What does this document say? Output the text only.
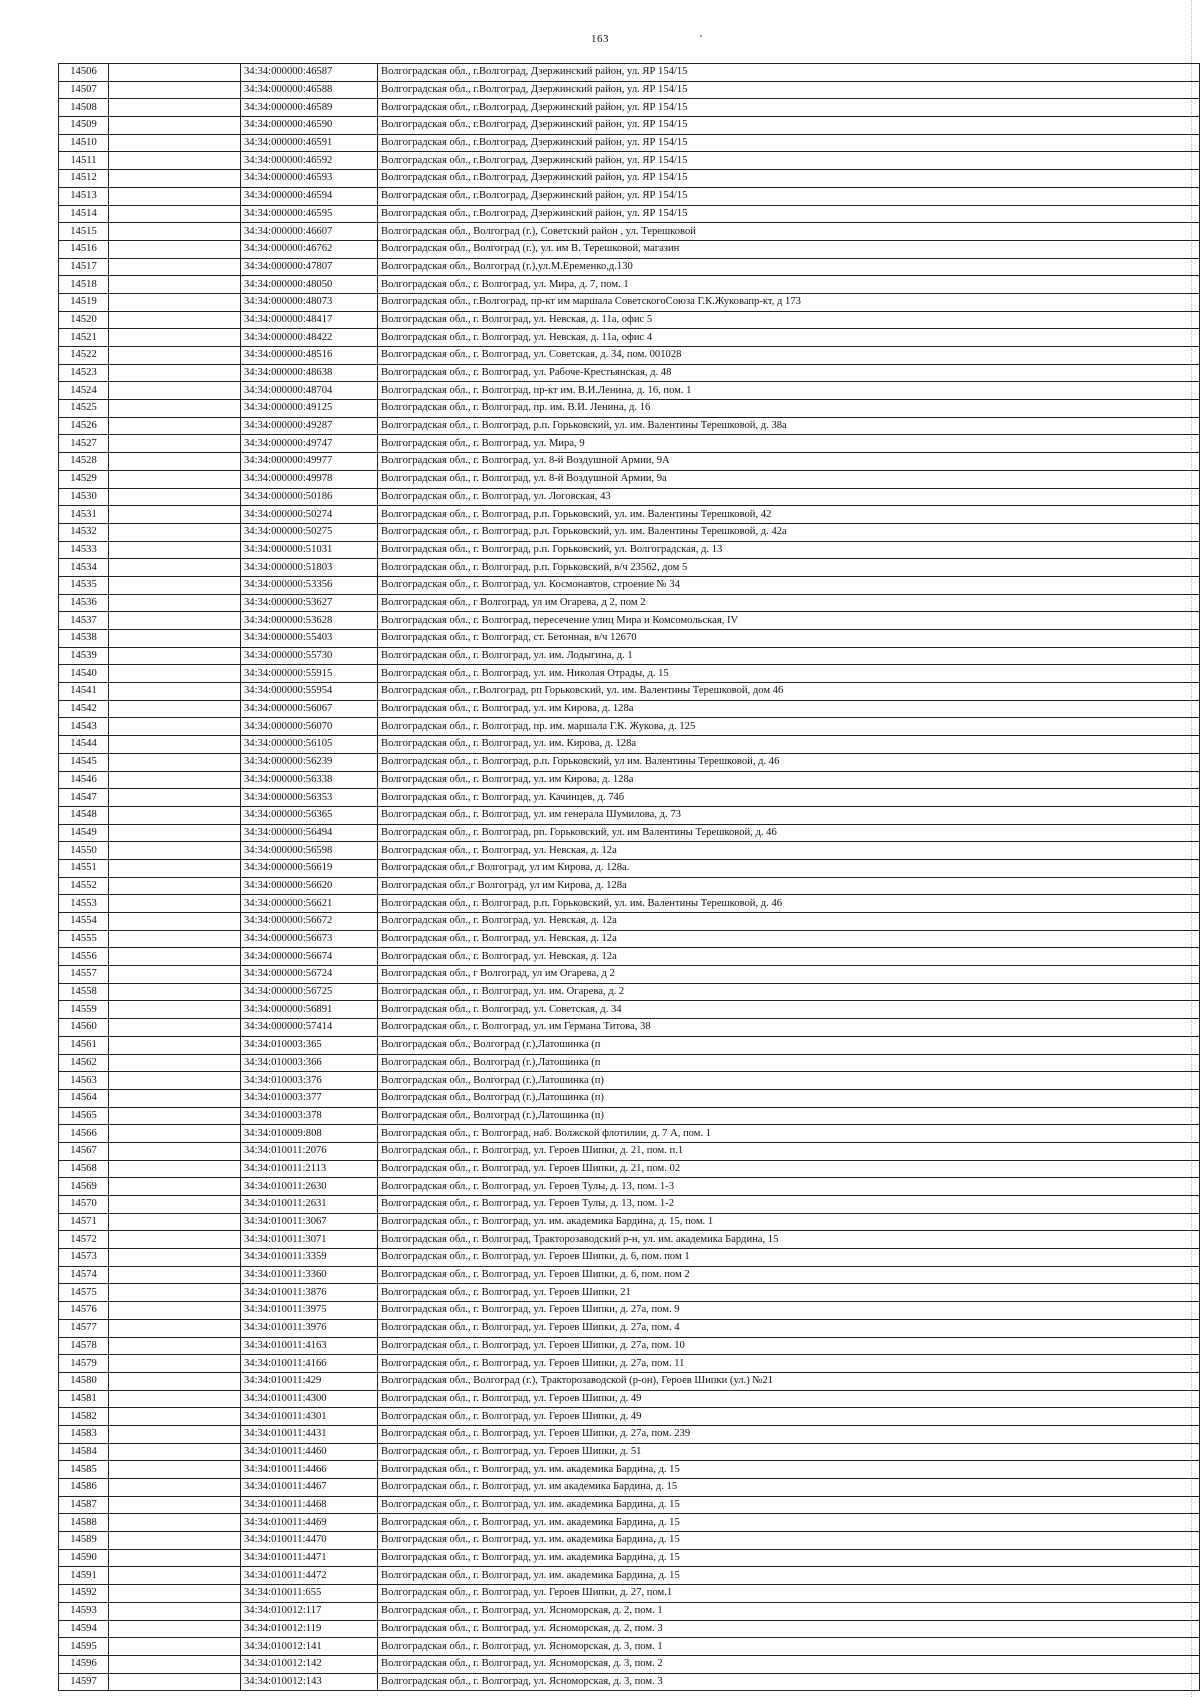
163
14506		34:34:000000:46587	Волгоградская обл., г.Волгоград, Дзержинский район, ул. ЯР 154/15
14507		34:34:000000:46588	Волгоградская обл., г.Волгоград, Дзержинский район, ул. ЯР 154/15
14508		34:34:000000:46589	Волгоградская обл., г.Волгоград, Дзержинский район, ул. ЯР 154/15
14509		34:34:000000:46590	Волгоградская обл., г.Волгоград, Дзержинский район, ул. ЯР 154/15
14510		34:34:000000:46591	Волгоградская обл., г.Волгоград, Дзержинский район, ул. ЯР 154/15
14511		34:34:000000:46592	Волгоградская обл., г.Волгоград, Дзержинский район, ул. ЯР 154/15
14512		34:34:000000:46593	Волгоградская обл., г.Волгоград, Дзержинский район, ул. ЯР 154/15
14513		34:34:000000:46594	Волгоградская обл., г.Волгоград, Дзержинский район, ул. ЯР 154/15
14514		34:34:000000:46595	Волгоградская обл., г.Волгоград, Дзержинский район, ул. ЯР 154/15
14515		34:34:000000:46607	Волгоградская обл., Волгоград (г.), Советский район , ул. Терешковой
14516		34:34:000000:46762	Волгоградская обл., Волгоград (г.), ул. им В. Терешковой, магазин
14517		34:34:000000:47807	Волгоградская обл., Волгоград (г.),ул.М.Еременко,д.130
14518		34:34:000000:48050	Волгоградская обл., г. Волгоград, ул. Мира, д. 7, пом. 1
14519		34:34:000000:48073	Волгоградская обл., г.Волгоград, пр-кт им маршала СоветскогоСоюза Г.К.Жуковапр-кт, д 173
14520		34:34:000000:48417	Волгоградская обл., г. Волгоград, ул. Невская, д. 11а, офис 5
14521		34:34:000000:48422	Волгоградская обл., г. Волгоград, ул. Невская, д. 11а, офис 4
14522		34:34:000000:48516	Волгоградская обл., г. Волгоград, ул. Советская, д. 34, пом. 001028
14523		34:34:000000:48638	Волгоградская обл., г. Волгоград, ул. Рабоче-Крестьянская, д. 48
14524		34:34:000000:48704	Волгоградская обл., г. Волгоград, пр-кт им. В.И.Ленина, д. 16, пом. 1
14525		34:34:000000:49125	Волгоградская обл., г. Волгоград, пр. им. В.И. Ленина, д. 16
14526		34:34:000000:49287	Волгоградская обл., г. Волгоград, р.п. Горьковский, ул. им. Валентины Терешковой, д. 38а
14527		34:34:000000:49747	Волгоградская обл., г. Волгоград, ул. Мира, 9
14528		34:34:000000:49977	Волгоградская обл., г. Волгоград, ул. 8-й Воздушной Армии, 9А
14529		34:34:000000:49978	Волгоградская обл., г. Волгоград, ул. 8-й Воздушной Армии, 9а
14530		34:34:000000:50186	Волгоградская обл., г. Волгоград, ул. Логовская, 43
14531		34:34:000000:50274	Волгоградская обл., г. Волгоград, р.п. Горьковский, ул. им. Валентины Терешковой, 42
14532		34:34:000000:50275	Волгоградская обл., г. Волгоград, р.п. Горьковский, ул. им. Валентины Терешковой, д. 42а
14533		34:34:000000:51031	Волгоградская обл., г. Волгоград, р.п. Горьковский, ул. Волгоградская, д. 13
14534		34:34:000000:51803	Волгоградская обл., г. Волгоград, р.п. Горьковский, в/ч 23562, дом 5
14535		34:34:000000:53356	Волгоградская обл., г. Волгоград, ул. Космонавтов, строение № 34
14536		34:34:000000:53627	Волгоградская обл., г Волгоград, ул им Огарева, д 2, пом 2
14537		34:34:000000:53628	Волгоградская обл., г. Волгоград, пересечение улиц Мира и Комсомольская, IV
14538		34:34:000000:55403	Волгоградская обл., г. Волгоград, ст. Бетонная, в/ч 12670
14539		34:34:000000:55730	Волгоградская обл., г. Волгоград, ул. им. Лодыгина, д. 1
14540		34:34:000000:55915	Волгоградская обл., г. Волгоград, ул. им. Николая Отрады, д. 15
14541		34:34:000000:55954	Волгоградская обл., г.Волгоград, рп Горьковский, ул. им. Валентины Терешковой, дом 46
14542		34:34:000000:56067	Волгоградская обл., г. Волгоград, ул. им Кирова, д. 128а
14543		34:34:000000:56070	Волгоградская обл., г. Волгоград, пр. им. маршала Г.К. Жукова, д. 125
14544		34:34:000000:56105	Волгоградская обл., г. Волгоград, ул. им. Кирова, д. 128а
14545		34:34:000000:56239	Волгоградская обл., г. Волгоград, р.п. Горьковский, ул им. Валентины Терешковой, д. 46
14546		34:34:000000:56338	Волгоградская обл., г. Волгоград, ул. им Кирова, д. 128а
14547		34:34:000000:56353	Волгоградская обл., г. Волгоград, ул. Качинцев, д. 74б
14548		34:34:000000:56365	Волгоградская обл., г. Волгоград, ул. им генерала Шумилова, д. 73
14549		34:34:000000:56494	Волгоградская обл., г. Волгоград, рп. Горьковский, ул. им Валентины Терешковой, д. 46
14550		34:34:000000:56598	Волгоградская обл., г. Волгоград, ул. Невская, д. 12а
14551		34:34:000000:56619	Волгоградская обл.,г Волгоград, ул им Кирова, д. 128а.
14552		34:34:000000:56620	Волгоградская обл.,г Волгоград, ул им Кирова, д. 128а
14553		34:34:000000:56621	Волгоградская обл., г. Волгоград, р.п. Горьковский, ул. им. Валентины Терешковой, д. 46
14554		34:34:000000:56672	Волгоградская обл., г. Волгоград, ул. Невская, д. 12а
14555		34:34:000000:56673	Волгоградская обл., г. Волгоград, ул. Невская, д. 12а
14556		34:34:000000:56674	Волгоградская обл., г. Волгоград, ул. Невская, д. 12а
14557		34:34:000000:56724	Волгоградская обл., г Волгоград, ул им Огарева, д 2
14558		34:34:000000:56725	Волгоградская обл., г. Волгоград, ул. им. Огарева, д. 2
14559		34:34:000000:56891	Волгоградская обл., г. Волгоград, ул. Советская, д. 34
14560		34:34:000000:57414	Волгоградская обл., г. Волгоград, ул. им Германа Титова, 38
14561		34:34:010003:365	Волгоградская обл., Волгоград (г.),Латошинка (п
14562		34:34:010003:366	Волгоградская обл., Волгоград (г.),Латошинка (п
14563		34:34:010003:376	Волгоградская обл., Волгоград (г.),Латошинка (п)
14564		34:34:010003:377	Волгоградская обл., Волгоград (г.),Латошинка (п)
14565		34:34:010003:378	Волгоградская обл., Волгоград (г.),Латошинка (п)
14566		34:34:010009:808	Волгоградская обл., г. Волгоград, наб. Волжской флотилии, д. 7 А, пом. 1
14567		34:34:010011:2076	Волгоградская обл., г. Волгоград, ул. Героев Шипки, д. 21, пом. п.1
14568		34:34:010011:2113	Волгоградская обл., г. Волгоград, ул. Героев Шипки, д. 21, пом. 02
14569		34:34:010011:2630	Волгоградская обл., г. Волгоград, ул. Героев Тулы, д. 13, пом. 1-3
14570		34:34:010011:2631	Волгоградская обл., г. Волгоград, ул. Героев Тулы, д. 13, пом. 1-2
14571		34:34:010011:3067	Волгоградская обл., г. Волгоград, ул. им. академика Бардина, д. 15, пом. 1
14572		34:34:010011:3071	Волгоградская обл., г. Волгоград, Тракторозаводский р-н, ул. им. академика Бардина, 15
14573		34:34:010011:3359	Волгоградская обл., г. Волгоград, ул. Героев Шипки, д. 6, пом. пом 1
14574		34:34:010011:3360	Волгоградская обл., г. Волгоград, ул. Героев Шипки, д. 6, пом. пом 2
14575		34:34:010011:3876	Волгоградская обл., г. Волгоград, ул. Героев Шипки, 21
14576		34:34:010011:3975	Волгоградская обл., г. Волгоград, ул. Героев Шипки, д. 27а, пом. 9
14577		34:34:010011:3976	Волгоградская обл., г. Волгоград, ул. Героев Шипки, д. 27а, пом. 4
14578		34:34:010011:4163	Волгоградская обл., г. Волгоград, ул. Героев Шипки, д. 27а, пом. 10
14579		34:34:010011:4166	Волгоградская обл., г. Волгоград, ул. Героев Шипки, д. 27а, пом. 11
14580		34:34:010011:429	Волгоградская обл., Волгоград (г.), Тракторозаводской (р-он), Героев Шипки (ул.) №21
14581		34:34:010011:4300	Волгоградская обл., г. Волгоград, ул. Героев Шипки, д. 49
14582		34:34:010011:4301	Волгоградская обл., г. Волгоград, ул. Героев Шипки, д. 49
14583		34:34:010011:4431	Волгоградская обл., г. Волгоград, ул. Героев Шипки, д. 27а, пом. 239
14584		34:34:010011:4460	Волгоградская обл., г. Волгоград, ул. Героев Шипки, д. 51
14585		34:34:010011:4466	Волгоградская обл., г. Волгоград, ул. им. академика Бардина, д. 15
14586		34:34:010011:4467	Волгоградская обл., г. Волгоград, ул. им академика Бардина, д. 15
14587		34:34:010011:4468	Волгоградская обл., г. Волгоград, ул. им. академика Бардина, д. 15
14588		34:34:010011:4469	Волгоградская обл., г. Волгоград, ул. им. академика Бардина, д. 15
14589		34:34:010011:4470	Волгоградская обл., г. Волгоград, ул. им. академика Бардина, д. 15
14590		34:34:010011:4471	Волгоградская обл., г. Волгоград, ул. им. академика Бардина, д. 15
14591		34:34:010011:4472	Волгоградская обл., г. Волгоград, ул. им. академика Бардина, д. 15
14592		34:34:010011:655	Волгоградская обл., г. Волгоград, ул. Героев Шипки, д. 27, пом.1
14593		34:34:010012:117	Волгоградская обл., г. Волгоград, ул. Ясноморская, д. 2, пом. 1
14594		34:34:010012:119	Волгоградская обл., г. Волгоград, ул. Ясноморская, д. 2, пом. 3
14595		34:34:010012:141	Волгоградская обл., г. Волгоград, ул. Ясноморская, д. 3, пом. 1
14596		34:34:010012:142	Волгоградская обл., г. Волгоград, ул. Ясноморская, д. 3, пом. 2
14597		34:34:010012:143	Волгоградская обл., г. Волгоград, ул. Ясноморская, д. 3, пом. 3
